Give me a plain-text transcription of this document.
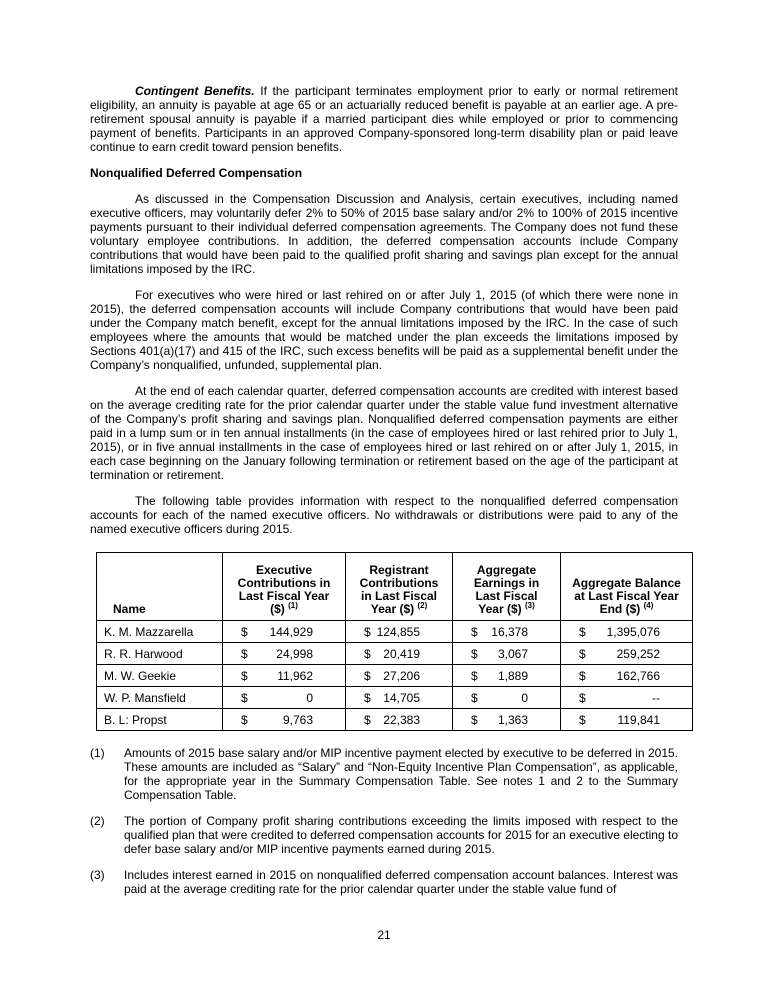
Contingent Benefits. If the participant terminates employment prior to early or normal retirement eligibility, an annuity is payable at age 65 or an actuarially reduced benefit is payable at an earlier age. A pre-retirement spousal annuity is payable if a married participant dies while employed or prior to commencing payment of benefits. Participants in an approved Company-sponsored long-term disability plan or paid leave continue to earn credit toward pension benefits.

Nonqualified Deferred Compensation

As discussed in the Compensation Discussion and Analysis, certain executives, including named executive officers, may voluntarily defer 2% to 50% of 2015 base salary and/or 2% to 100% of 2015 incentive payments pursuant to their individual deferred compensation agreements. The Company does not fund these voluntary employee contributions. In addition, the deferred compensation accounts include Company contributions that would have been paid to the qualified profit sharing and savings plan except for the annual limitations imposed by the IRC.

For executives who were hired or last rehired on or after July 1, 2015 (of which there were none in 2015), the deferred compensation accounts will include Company contributions that would have been paid under the Company match benefit, except for the annual limitations imposed by the IRC. In the case of such employees where the amounts that would be matched under the plan exceeds the limitations imposed by Sections 401(a)(17) and 415 of the IRC, such excess benefits will be paid as a supplemental benefit under the Company’s nonqualified, unfunded, supplemental plan.

At the end of each calendar quarter, deferred compensation accounts are credited with interest based on the average crediting rate for the prior calendar quarter under the stable value fund investment alternative of the Company’s profit sharing and savings plan. Nonqualified deferred compensation payments are either paid in a lump sum or in ten annual installments (in the case of employees hired or last rehired prior to July 1, 2015), or in five annual installments in the case of employees hired or last rehired on or after July 1, 2015, in each case beginning on the January following termination or retirement based on the age of the participant at termination or retirement.

The following table provides information with respect to the nonqualified deferred compensation accounts for each of the named executive officers. No withdrawals or distributions were paid to any of the named executive officers during 2015.

Name	Executive
Contributions in
Last Fiscal Year
($) $^{(1)}$	Registrant
Contributions
in Last Fiscal
Year ($) $^{(2)}$	Aggregate
Earnings in
Last Fiscal
Year ($) $^{(3)}$	Aggregate Balance
at Last Fiscal Year
End ($) $^{(4)}$

K. M. Mazzarella	$ 144,929	$ 124,855	$ 16,378	$ 1,395,076

R. R. Harwood	$ 24,998	$ 20,419	$ 3,067	$ 259,252

M. W. Geekie	$ 11,962	$ 27,206	$ 1,889	$ 162,766

W. P. Mansfield	$ 0	$ 14,705	$ 0	$ --

B. L: Propst	$ 9,763	$ 22,383	$ 1,363	$ 119,841
(1)	Amounts of 2015 base salary and/or MIP incentive payment elected by executive to be deferred in 2015. These amounts are included as “Salary” and “Non-Equity Incentive Plan Compensation”, as applicable, for the appropriate year in the Summary Compensation Table. See notes 1 and 2 to the Summary Compensation Table.
(2)	The portion of Company profit sharing contributions exceeding the limits imposed with respect to the qualified plan that were credited to deferred compensation accounts for 2015 for an executive electing to defer base salary and/or MIP incentive payments earned during 2015.
(3)	Includes interest earned in 2015 on nonqualified deferred compensation account balances. Interest was paid at the average crediting rate for the prior calendar quarter under the stable value fund of
21
